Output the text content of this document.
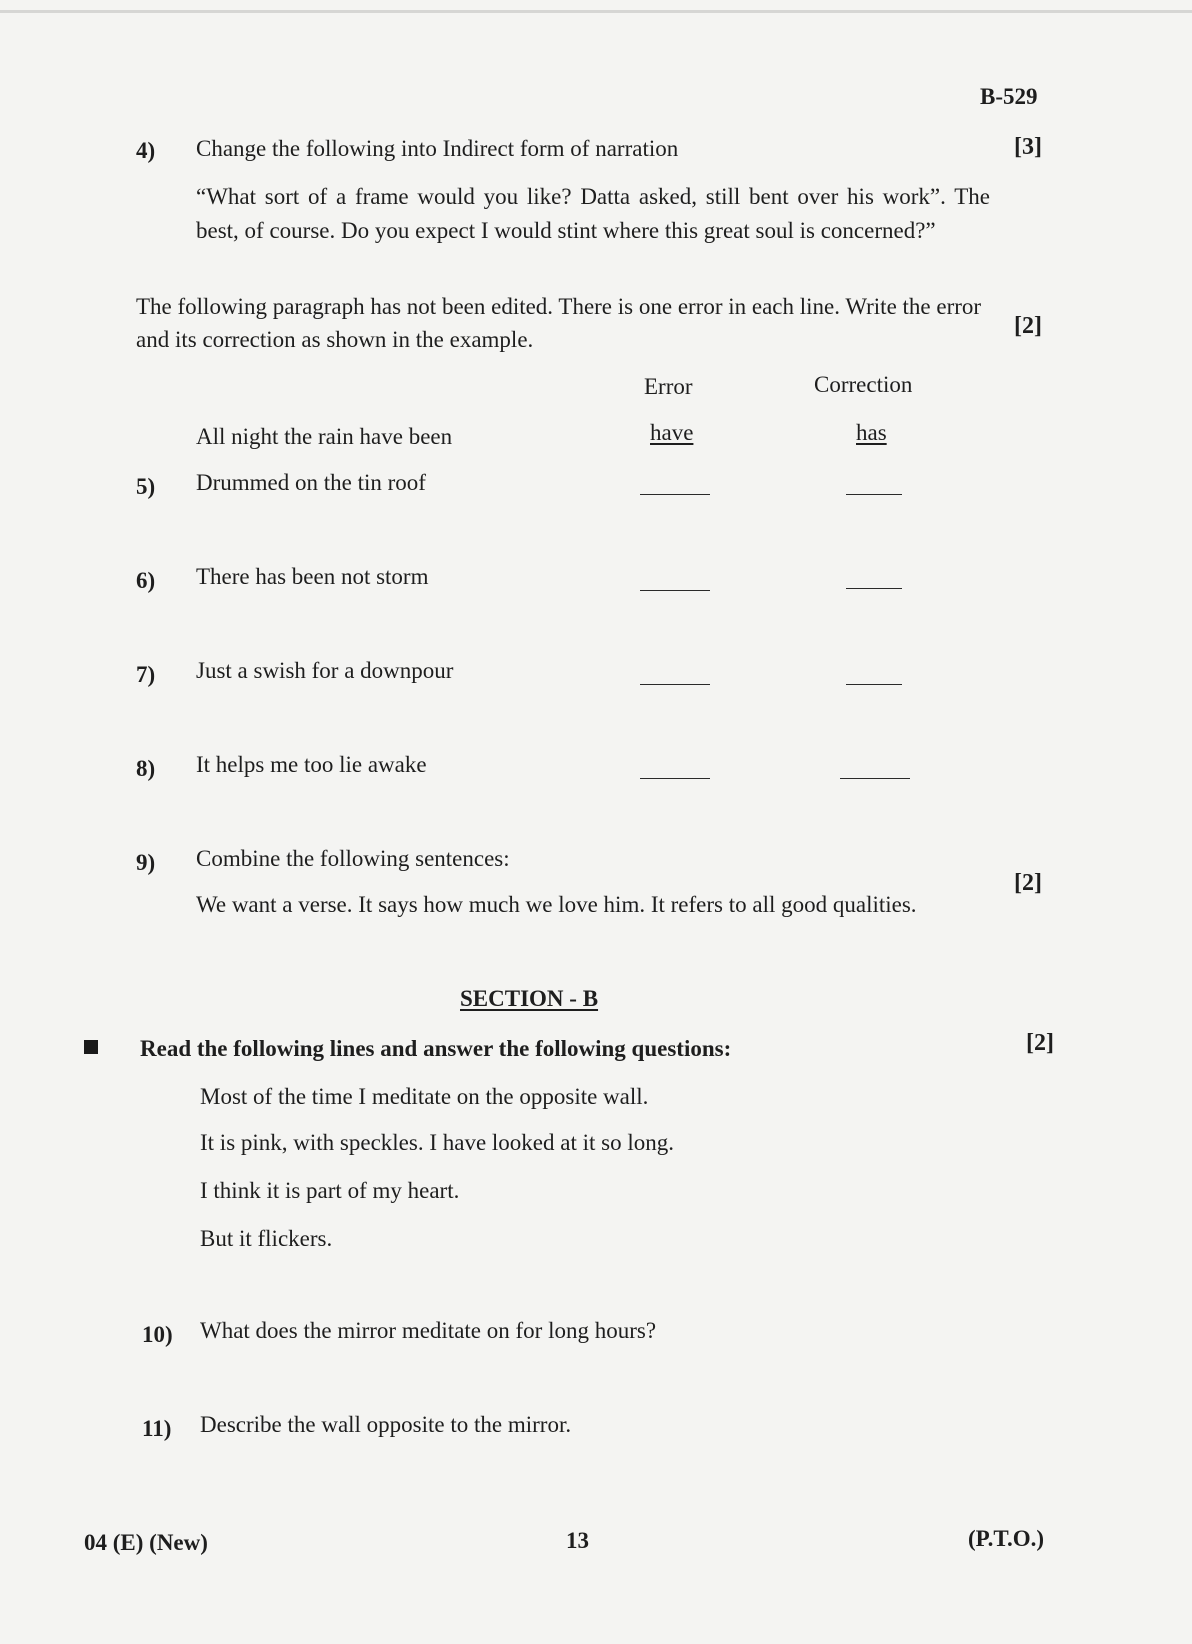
B-529
4) Change the following into Indirect form of narration	[3]
“What sort of a frame would you like? Datta asked, still bent over his work”. The best, of course. Do you expect I would stint where this great soul is concerned?”
The following paragraph has not been edited. There is one error in each line. Write the error and its correction as shown in the example.
[2]
Error	Correction
All night the rain have been	have	has
5) Drummed on the tin roof
6) There has been not storm
7) Just a swish for a downpour
8) It helps me too lie awake
9) Combine the following sentences:
We want a verse. It says how much we love him. It refers to all good qualities.
[2]
SECTION - B
Read the following lines and answer the following questions:	[2]
Most of the time I meditate on the opposite wall.
It is pink, with speckles. I have looked at it so long.
I think it is part of my heart.
But it flickers.
10) What does the mirror meditate on for long hours?
11) Describe the wall opposite to the mirror.
04 (E) (New)	13	(P.T.O.)
